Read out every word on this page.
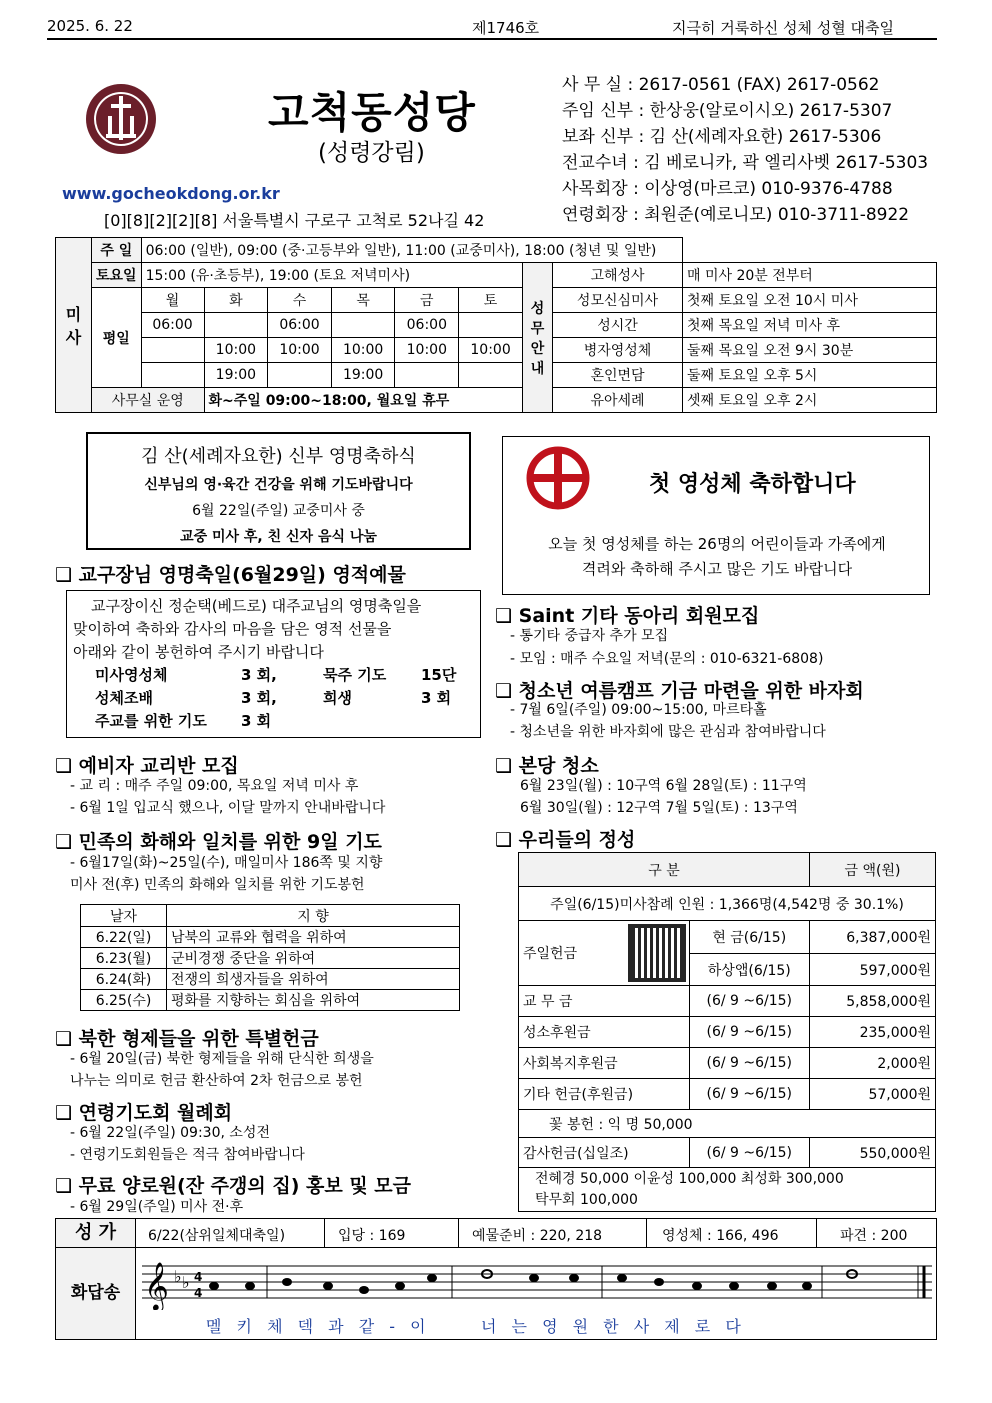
2025. 6. 22	제1746호	지극히 거룩하신 성체 성혈 대축일
고척동성당
(성령강림)
www.gocheokdong.or.kr
[0][8][2][2][8] 서울특별시 구로구 고척로 52나길 42
사 무 실 : 2617-0561 (FAX) 2617-0562
주임 신부 : 한상웅(알로이시오) 2617-5307
보좌 신부 : 김 산(세례자요한) 2617-5306
전교수녀 : 김 베로니카, 곽 엘리사벳 2617-5303
사목회장 : 이상영(마르코) 010-9376-4788
연령회장 : 최원준(예로니모) 010-3711-8922
미사	주 일	06:00 (일반), 09:00 (중·고등부와 일반), 11:00 (교중미사), 18:00 (청년 및 일반)								
	토요일	15:00 (유·초등부), 19:00 (토요 저녁미사)						성무안내	고해성사	매 미사 20분 전부터
	평일	월	화	수	목	금	토		성모신심미사	첫째 토요일 오전 10시 미사
		06:00		06:00		06:00			성시간	첫째 목요일 저녁 미사 후
			10:00	10:00	10:00	10:00	10:00		병자영성체	둘째 목요일 오전 9시 30분
			19:00		19:00				혼인면담	둘째 토요일 오후 5시
	사무실 운영		화~주일 09:00~18:00, 월요일 휴무						유아세례	셋째 토요일 오후 2시
김 산(세례자요한) 신부 영명축하식
신부님의 영·육간 건강을 위해 기도바랍니다
6월 22일(주일) 교중미사 중
교중 미사 후, 친 신자 음식 나눔
첫 영성체 축하합니다
오늘 첫 영성체를 하는 26명의 어린이들과 가족에게
격려와 축하해 주시고 많은 기도 바랍니다
❑ 교구장님 영명축일(6월29일) 영적예물
교구장이신 정순택(베드로) 대주교님의 영명축일을
맞이하여 축하와 감사의 마음을 담은 영적 선물을
아래와 같이 봉헌하여 주시기 바랍니다
미사영성체	3 회,	묵주 기도 15단
성체조배	3 회,	희생	3 회
주교를 위한 기도 3 회
❑ Saint 기타 동아리 회원모집
- 통기타 중급자 추가 모집
- 모임 : 매주 수요일 저녁(문의 : 010-6321-6808)
❑ 청소년 여름캠프 기금 마련을 위한 바자회
- 7월 6일(주일) 09:00~15:00, 마르타홀
- 청소년을 위한 바자회에 많은 관심과 참여바랍니다
❑ 예비자 교리반 모집
- 교 리 : 매주 주일 09:00, 목요일 저녁 미사 후
- 6월 1일 입교식 했으나, 이달 말까지 안내바랍니다
❑ 본당 청소
6월 23일(월) : 10구역 6월 28일(토) : 11구역
6월 30일(월) : 12구역 7월 5일(토) : 13구역
❑ 민족의 화해와 일치를 위한 9일 기도
- 6월17일(화)~25일(수), 매일미사 186쪽 및 지향
미사 전(후) 민족의 화해와 일치를 위한 기도봉헌
날자	지 향
6.22(일)	남북의 교류와 협력을 위하여
6.23(월)	군비경쟁 중단을 위하여
6.24(화)	전쟁의 희생자들을 위하여
6.25(수)	평화를 지향하는 회심을 위하여
❑ 우리들의 정성
구 분			금 액(원)
주일(6/15)미사참례 인원 : 1,366명(4,542명 중 30.1%)			
주일헌금		현 금(6/15)	6,387,000원
		하상앱(6/15)	597,000원
교 무 금		(6/ 9 ~6/15)	5,858,000원
성소후원금		(6/ 9 ~6/15)	235,000원
사회복지후원금		(6/ 9 ~6/15)	2,000원
기타 헌금(후원금)		(6/ 9 ~6/15)	57,000원
꽃 봉헌 : 익 명 50,000			
감사헌금(십일조)		(6/ 9 ~6/15)	550,000원

전혜경 50,000 이윤성 100,000 최성화 300,000
탁무회 100,000			
❑ 북한 형제들을 위한 특별헌금
- 6월 20일(금) 북한 형제들을 위해 단식한 희생을
나누는 의미로 헌금 환산하여 2차 헌금으로 봉헌
❑ 연령기도회 월례회
- 6월 22일(주일) 09:30, 소성전
- 연령기도회원들은 적극 참여바랍니다
❑ 무료 양로원(잔 주갱의 집) 홍보 및 모금
- 6월 29일(주일) 미사 전·후
성 가	6/22(삼위일체대축일)	입당 : 169	예물준비 : 220, 218	영성체 : 166, 496	파견 : 200
화답송 𝄞 ♭ ♭ 4
4
멜 키 체 덱 과 같 - 이     너 는 영 원 한 사 제 로 다
